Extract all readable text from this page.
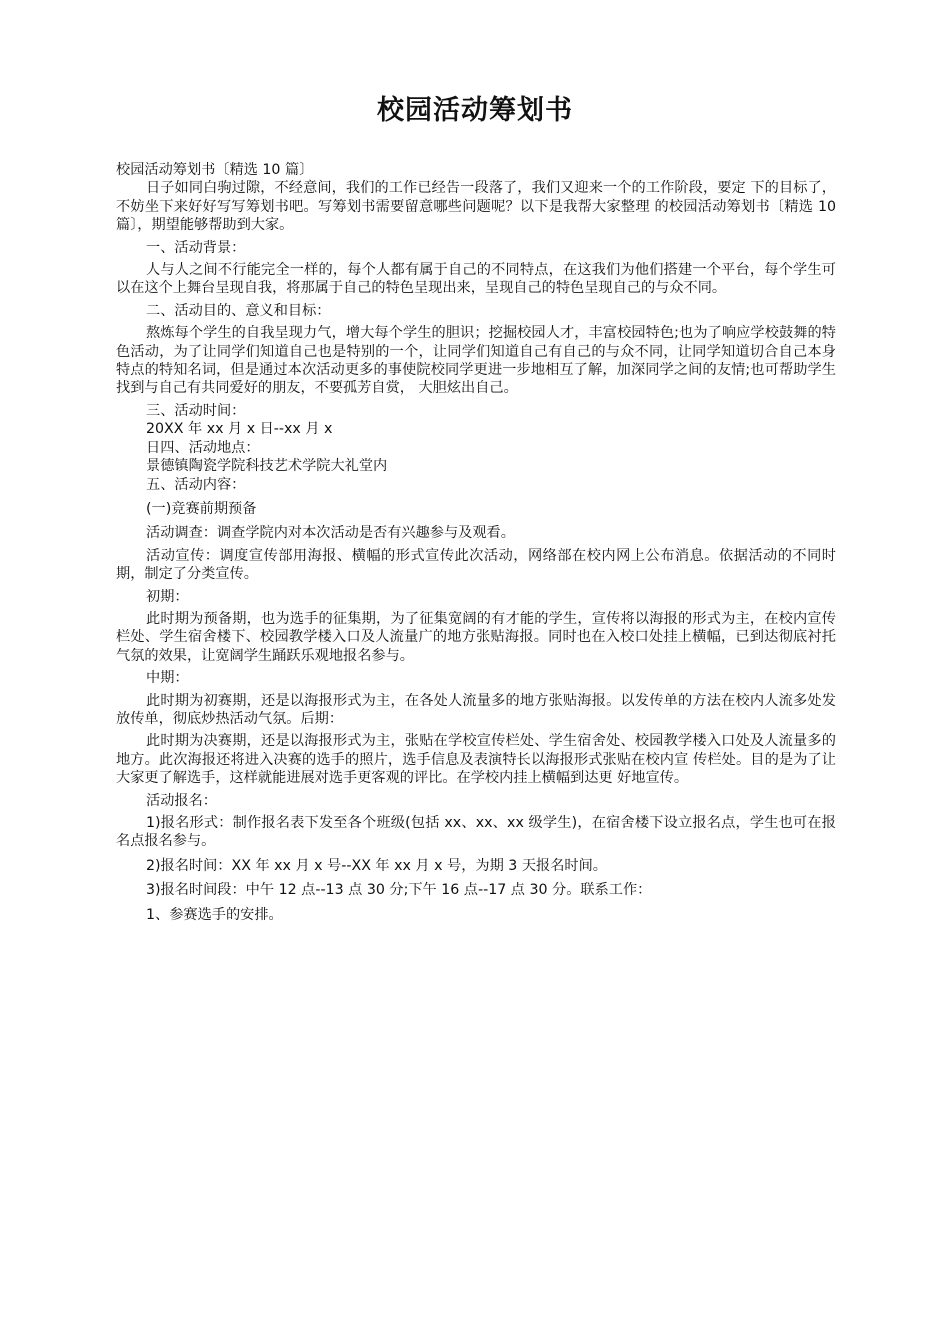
校园活动筹划书

校园活动筹划书〔精选 10 篇〕

日子如同白驹过隙，不经意间，我们的工作已经告一段落了，我们又迎来一个的工作阶段，要定 下的目标了，不妨坐下来好好写写筹划书吧。写筹划书需要留意哪些问题呢？以下是我帮大家整理 的校园活动筹划书〔精选 10 篇〕，期望能够帮助到大家。

一、活动背景：

人与人之间不行能完全一样的，每个人都有属于自己的不同特点，在这我们为他们搭建一个平台，每个学生可以在这个上舞台呈现自我，将那属于自己的特色呈现出来，呈现自己的特色呈现自己的与众不同。

二、活动目的、意义和目标：

熬炼每个学生的自我呈现力气，增大每个学生的胆识；挖掘校园人才，丰富校园特色;也为了响应学校鼓舞的特色活动，为了让同学们知道自己也是特别的一个，让同学们知道自己有自己的与众不同，让同学知道切合自己本身特点的特知名词，但是通过本次活动更多的事使院校同学更进一步地相互了解，加深同学之间的友情;也可帮助学生找到与自己有共同爱好的朋友，不要孤芳自赏， 大胆炫出自己。

三、活动时间：

20XX 年 xx 月 x 日--xx 月 x

日四、活动地点：

景德镇陶瓷学院科技艺术学院大礼堂内

五、活动内容：

(一)竞赛前期预备

活动调查：调查学院内对本次活动是否有兴趣参与及观看。

活动宣传：调度宣传部用海报、横幅的形式宣传此次活动，网络部在校内网上公布消息。依据活动的不同时期，制定了分类宣传。

初期：

此时期为预备期，也为选手的征集期，为了征集宽阔的有才能的学生，宣传将以海报的形式为主，在校内宣传栏处、学生宿舍楼下、校园教学楼入口及人流量广的地方张贴海报。同时也在入校口处挂上横幅，已到达彻底衬托气氛的效果，让宽阔学生踊跃乐观地报名参与。

中期：

此时期为初赛期，还是以海报形式为主，在各处人流量多的地方张贴海报。以发传单的方法在校内人流多处发放传单，彻底炒热活动气氛。后期：

此时期为决赛期，还是以海报形式为主，张贴在学校宣传栏处、学生宿舍处、校园教学楼入口处及人流量多的地方。此次海报还将进入决赛的选手的照片，选手信息及表演特长以海报形式张贴在校内宣 传栏处。目的是为了让大家更了解选手，这样就能进展对选手更客观的评比。在学校内挂上横幅到达更 好地宣传。

活动报名：

1)报名形式：制作报名表下发至各个班级(包括 xx、xx、xx 级学生)，在宿舍楼下设立报名点，学生也可在报名点报名参与。

2)报名时间：XX 年 xx 月 x 号--XX 年 xx 月 x 号，为期 3 天报名时间。

3)报名时间段：中午 12 点--13 点 30 分;下午 16 点--17 点 30 分。联系工作：

1、参赛选手的安排。
